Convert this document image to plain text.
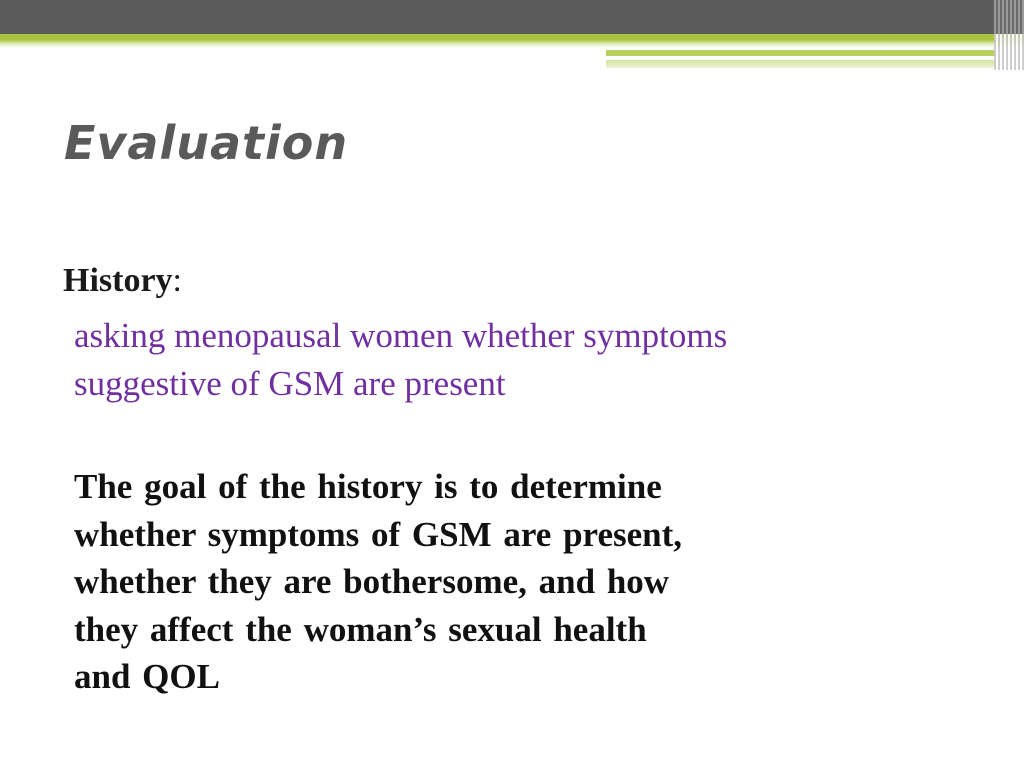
Evaluation

History:

asking menopausal women whether symptoms
suggestive of GSM are present

The goal of the history is to determine
whether symptoms of GSM are present,
whether they are bothersome, and how
they affect the woman’s sexual health
and QOL
